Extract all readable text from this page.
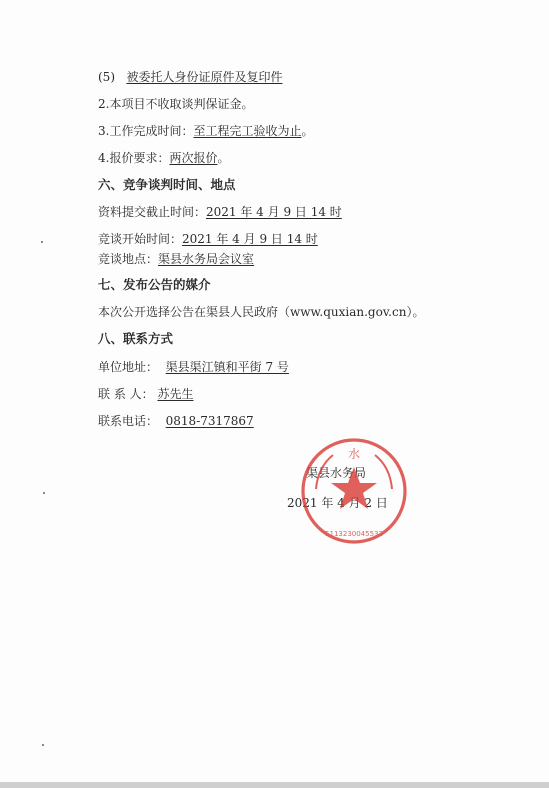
(5) 被委托人身份证原件及复印件
2.本项目不收取谈判保证金。
3.工作完成时间：至工程完工验收为止。
4.报价要求：两次报价。
六、竞争谈判时间、地点
资料提交截止时间：2021 年 4 月 9 日 14 时
竞谈开始时间：2021 年 4 月 9 日 14 时
竞谈地点：渠县水务局会议室
七、发布公告的媒介
本次公开选择公告在渠县人民政府（www.quxian.gov.cn）。
八、联系方式
单位地址： 渠县渠江镇和平街 7 号
联 系 人： 苏先生
联系电话： 0818-7317867
渠县水务局
2021 年 4 月 2 日
水
5113230045532
